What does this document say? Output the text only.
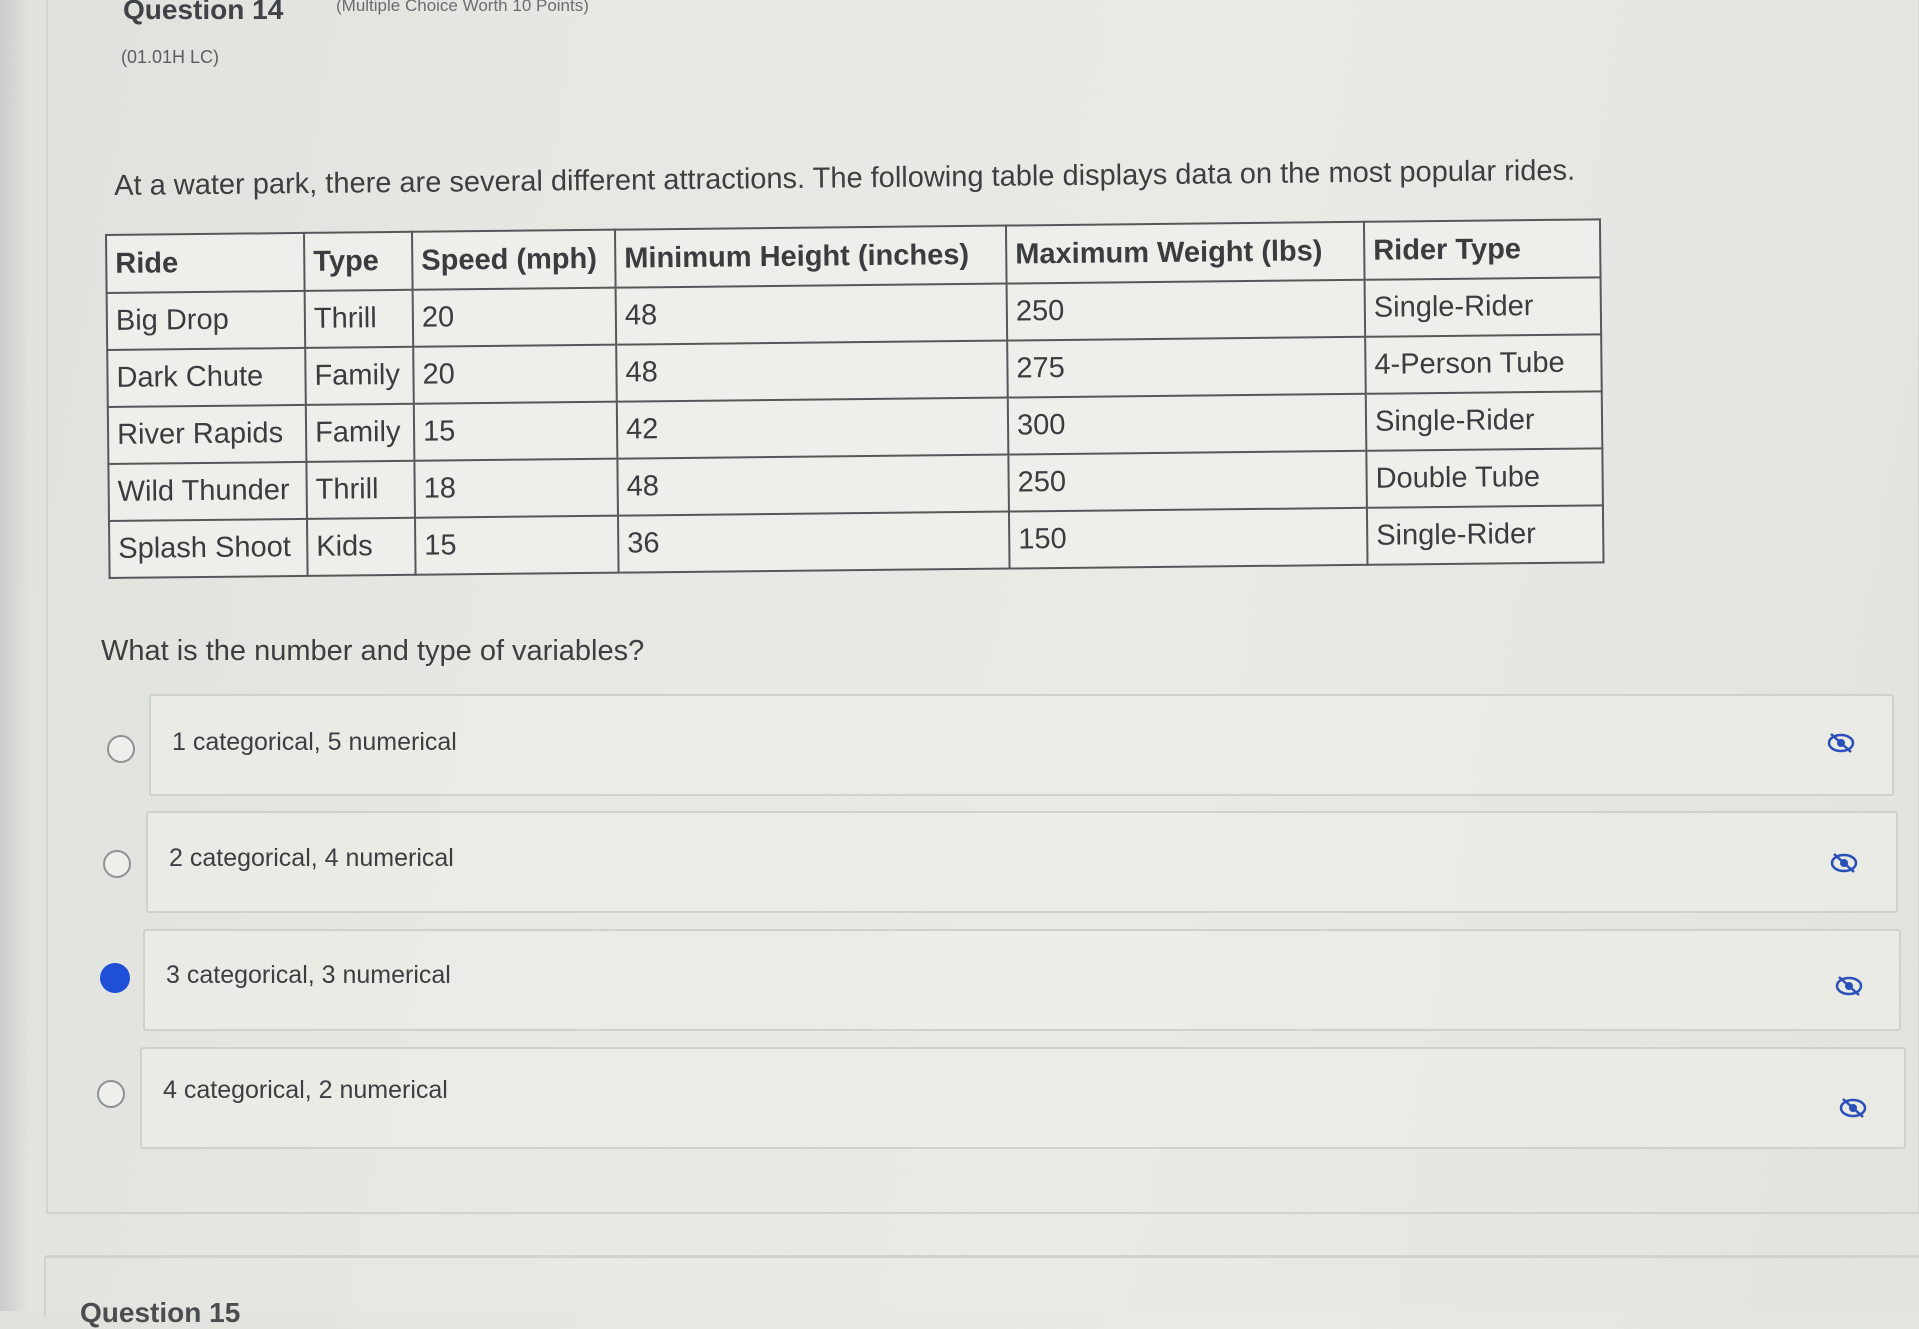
Question 14	(Multiple Choice Worth 10 Points)
(01.01H LC)
At a water park, there are several different attractions. The following table displays data on the most popular rides.
Ride	Type	Speed (mph)	Minimum Height (inches)	Maximum Weight (lbs)	Rider Type
Big Drop	Thrill	20	48	250	Single-Rider
Dark Chute	Family	20	48	275	4-Person Tube
River Rapids	Family	15	42	300	Single-Rider
Wild Thunder	Thrill	18	48	250	Double Tube
Splash Shoot	Kids	15	36	150	Single-Rider
What is the number and type of variables?
1 categorical, 5 numerical
2 categorical, 4 numerical
3 categorical, 3 numerical
4 categorical, 2 numerical
Question 15
